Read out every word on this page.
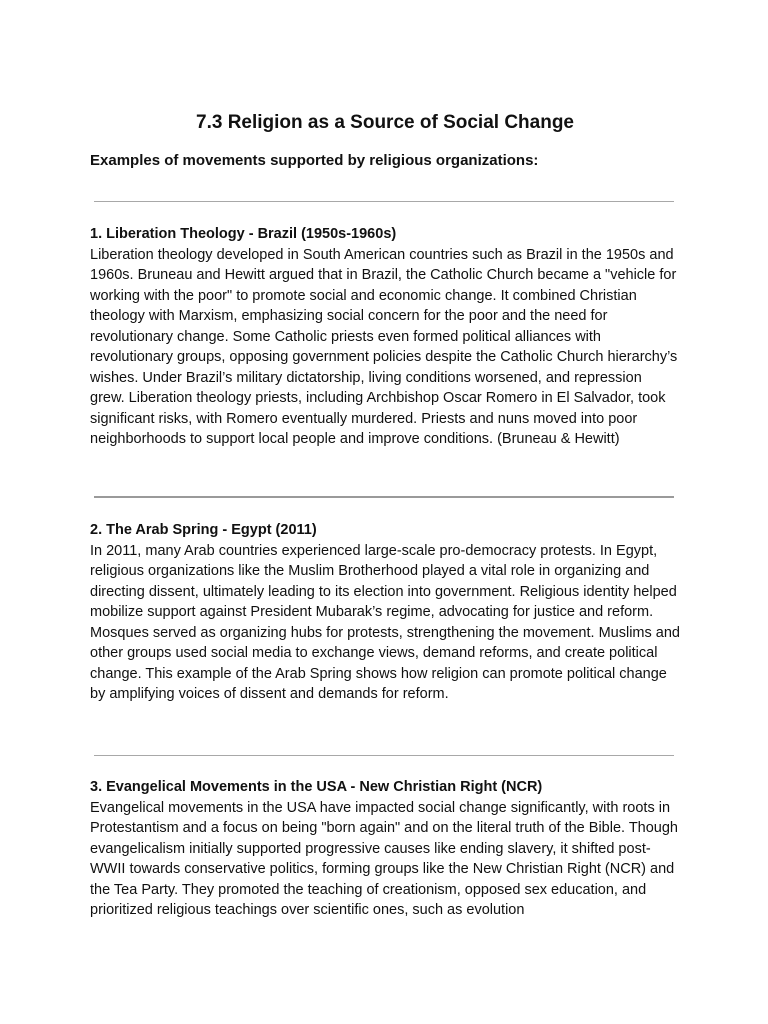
7.3 Religion as a Source of Social Change
Examples of movements supported by religious organizations:
1. Liberation Theology - Brazil (1950s-1960s)

Liberation theology developed in South American countries such as Brazil in the 1950s and 1960s. Bruneau and Hewitt argued that in Brazil, the Catholic Church became a "vehicle for working with the poor" to promote social and economic change. It combined Christian theology with Marxism, emphasizing social concern for the poor and the need for revolutionary change. Some Catholic priests even formed political alliances with revolutionary groups, opposing government policies despite the Catholic Church hierarchy’s wishes. Under Brazil’s military dictatorship, living conditions worsened, and repression grew. Liberation theology priests, including Archbishop Oscar Romero in El Salvador, took significant risks, with Romero eventually murdered. Priests and nuns moved into poor neighborhoods to support local people and improve conditions. (Bruneau & Hewitt)

2. The Arab Spring - Egypt (2011)

In 2011, many Arab countries experienced large-scale pro-democracy protests. In Egypt, religious organizations like the Muslim Brotherhood played a vital role in organizing and directing dissent, ultimately leading to its election into government. Religious identity helped mobilize support against President Mubarak’s regime, advocating for justice and reform. Mosques served as organizing hubs for protests, strengthening the movement. Muslims and other groups used social media to exchange views, demand reforms, and create political change. This example of the Arab Spring shows how religion can promote political change by amplifying voices of dissent and demands for reform.

3. Evangelical Movements in the USA - New Christian Right (NCR)

Evangelical movements in the USA have impacted social change significantly, with roots in Protestantism and a focus on being "born again" and on the literal truth of the Bible. Though evangelicalism initially supported progressive causes like ending slavery, it shifted post-WWII towards conservative politics, forming groups like the New Christian Right (NCR) and the Tea Party. They promoted the teaching of creationism, opposed sex education, and prioritized religious teachings over scientific ones, such as evolution
